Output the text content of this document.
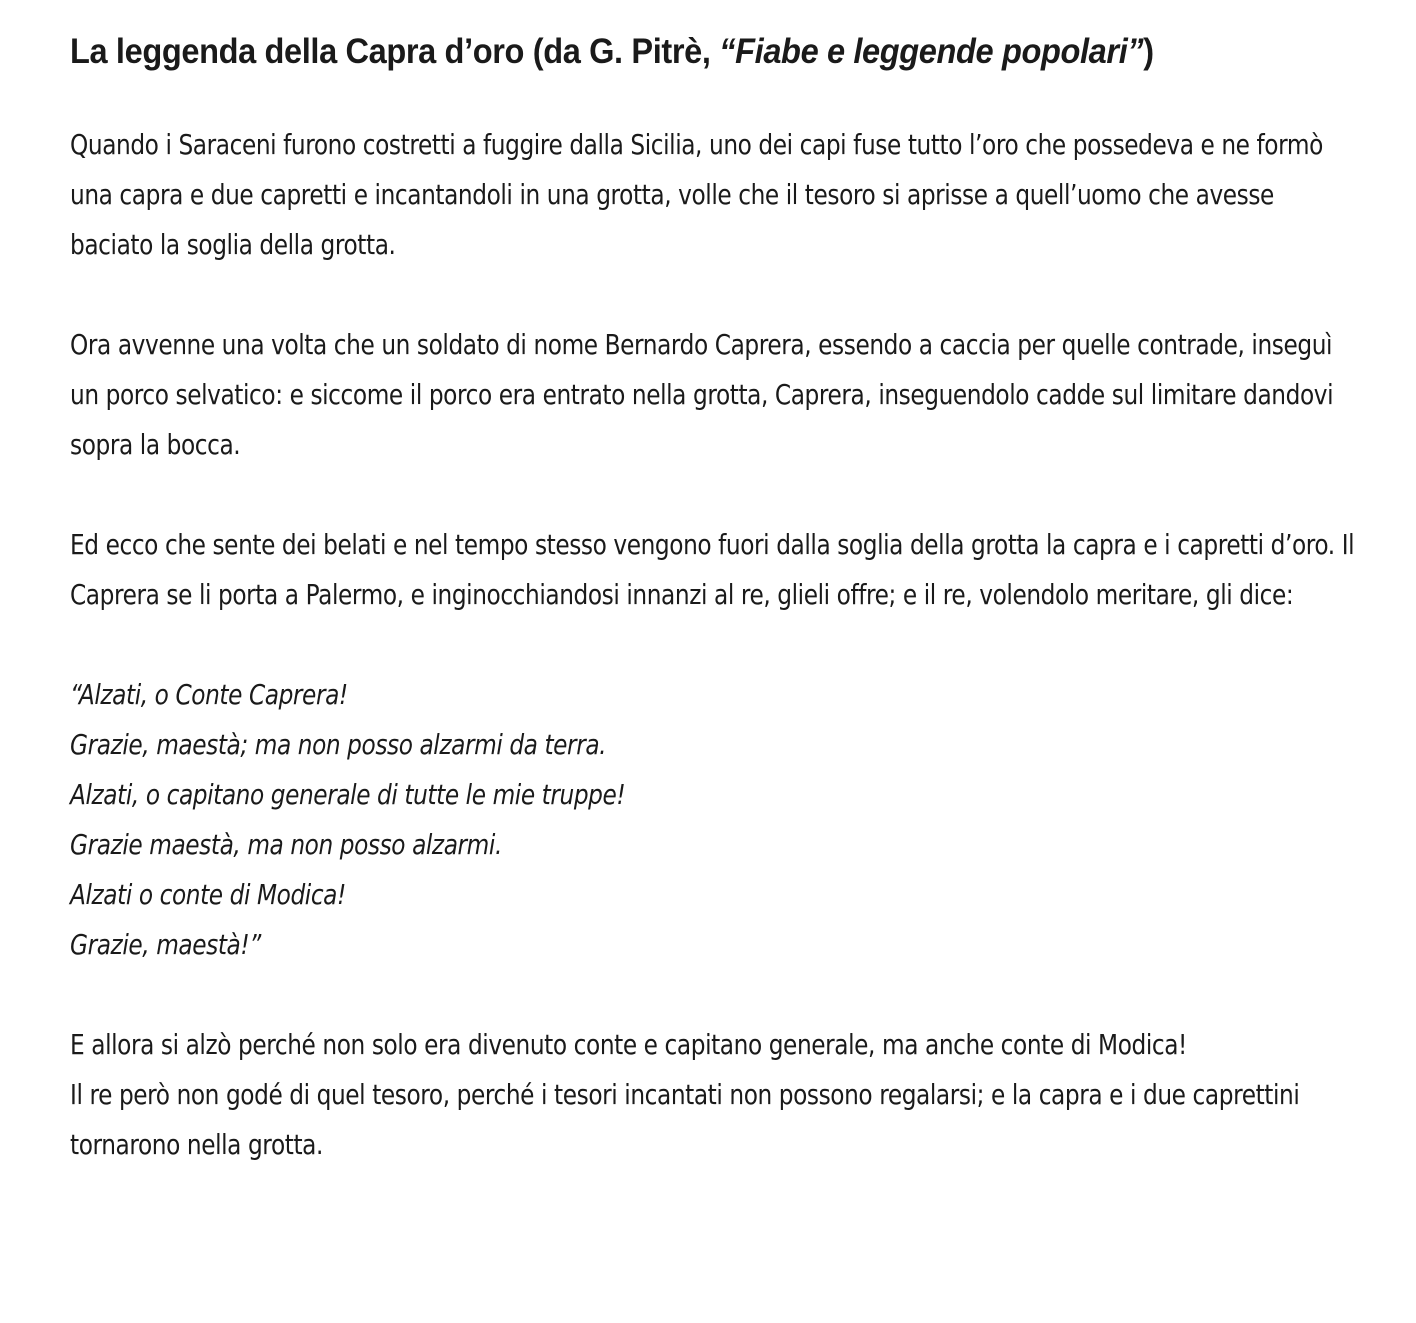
La leggenda della Capra d’oro (da G. Pitrè, “Fiabe e leggende popolari”)

Quando i Saraceni furono costretti a fuggire dalla Sicilia, uno dei capi fuse tutto l’oro che possedeva e ne formò una capra e due capretti e incantandoli in una grotta, volle che il tesoro si aprisse a quell’uomo che avesse baciato la soglia della grotta.

Ora avvenne una volta che un soldato di nome Bernardo Caprera, essendo a caccia per quelle contrade, inseguì un porco selvatico: e siccome il porco era entrato nella grotta, Caprera, inseguendolo cadde sul limitare dandovi sopra la bocca.

Ed ecco che sente dei belati e nel tempo stesso vengono fuori dalla soglia della grotta la capra e i capretti d’oro. Il Caprera se li porta a Palermo, e inginocchiandosi innanzi al re, glieli offre; e il re, volendolo meritare, gli dice:

“Alzati, o Conte Caprera!

Grazie, maestà; ma non posso alzarmi da terra.

Alzati, o capitano generale di tutte le mie truppe!

Grazie maestà, ma non posso alzarmi.

Alzati o conte di Modica!

Grazie, maestà!”

E allora si alzò perché non solo era divenuto conte e capitano generale, ma anche conte di Modica!

Il re però non godé di quel tesoro, perché i tesori incantati non possono regalarsi; e la capra e i due caprettini tornarono nella grotta.
